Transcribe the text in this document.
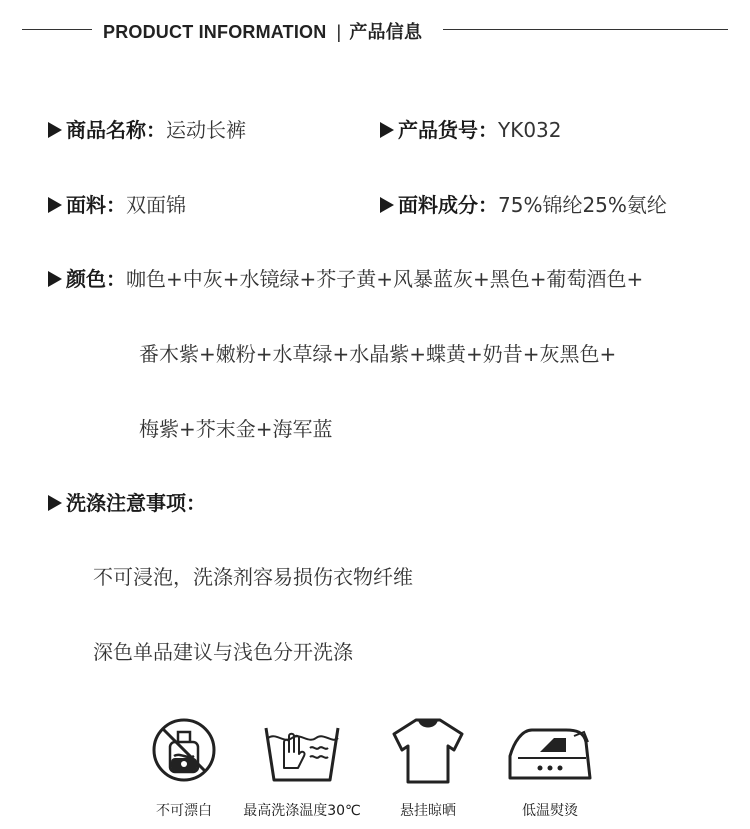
PRODUCT INFORMATION | 产品信息
商品名称：运动长裤	产品货号：YK032
面料：双面锦	面料成分：75%锦纶25%氨纶
颜色：咖色+中灰+水镜绿+芥子黄+风暴蓝灰+黑色+葡萄酒色+
番木紫+嫩粉+水草绿+水晶紫+蝶黄+奶昔+灰黑色+
梅紫+芥末金+海军蓝
洗涤注意事项：
不可浸泡，洗涤剂容易损伤衣物纤维
深色单品建议与浅色分开洗涤
不可漂白	最高洗涤温度30℃	悬挂晾晒	低温熨烫
